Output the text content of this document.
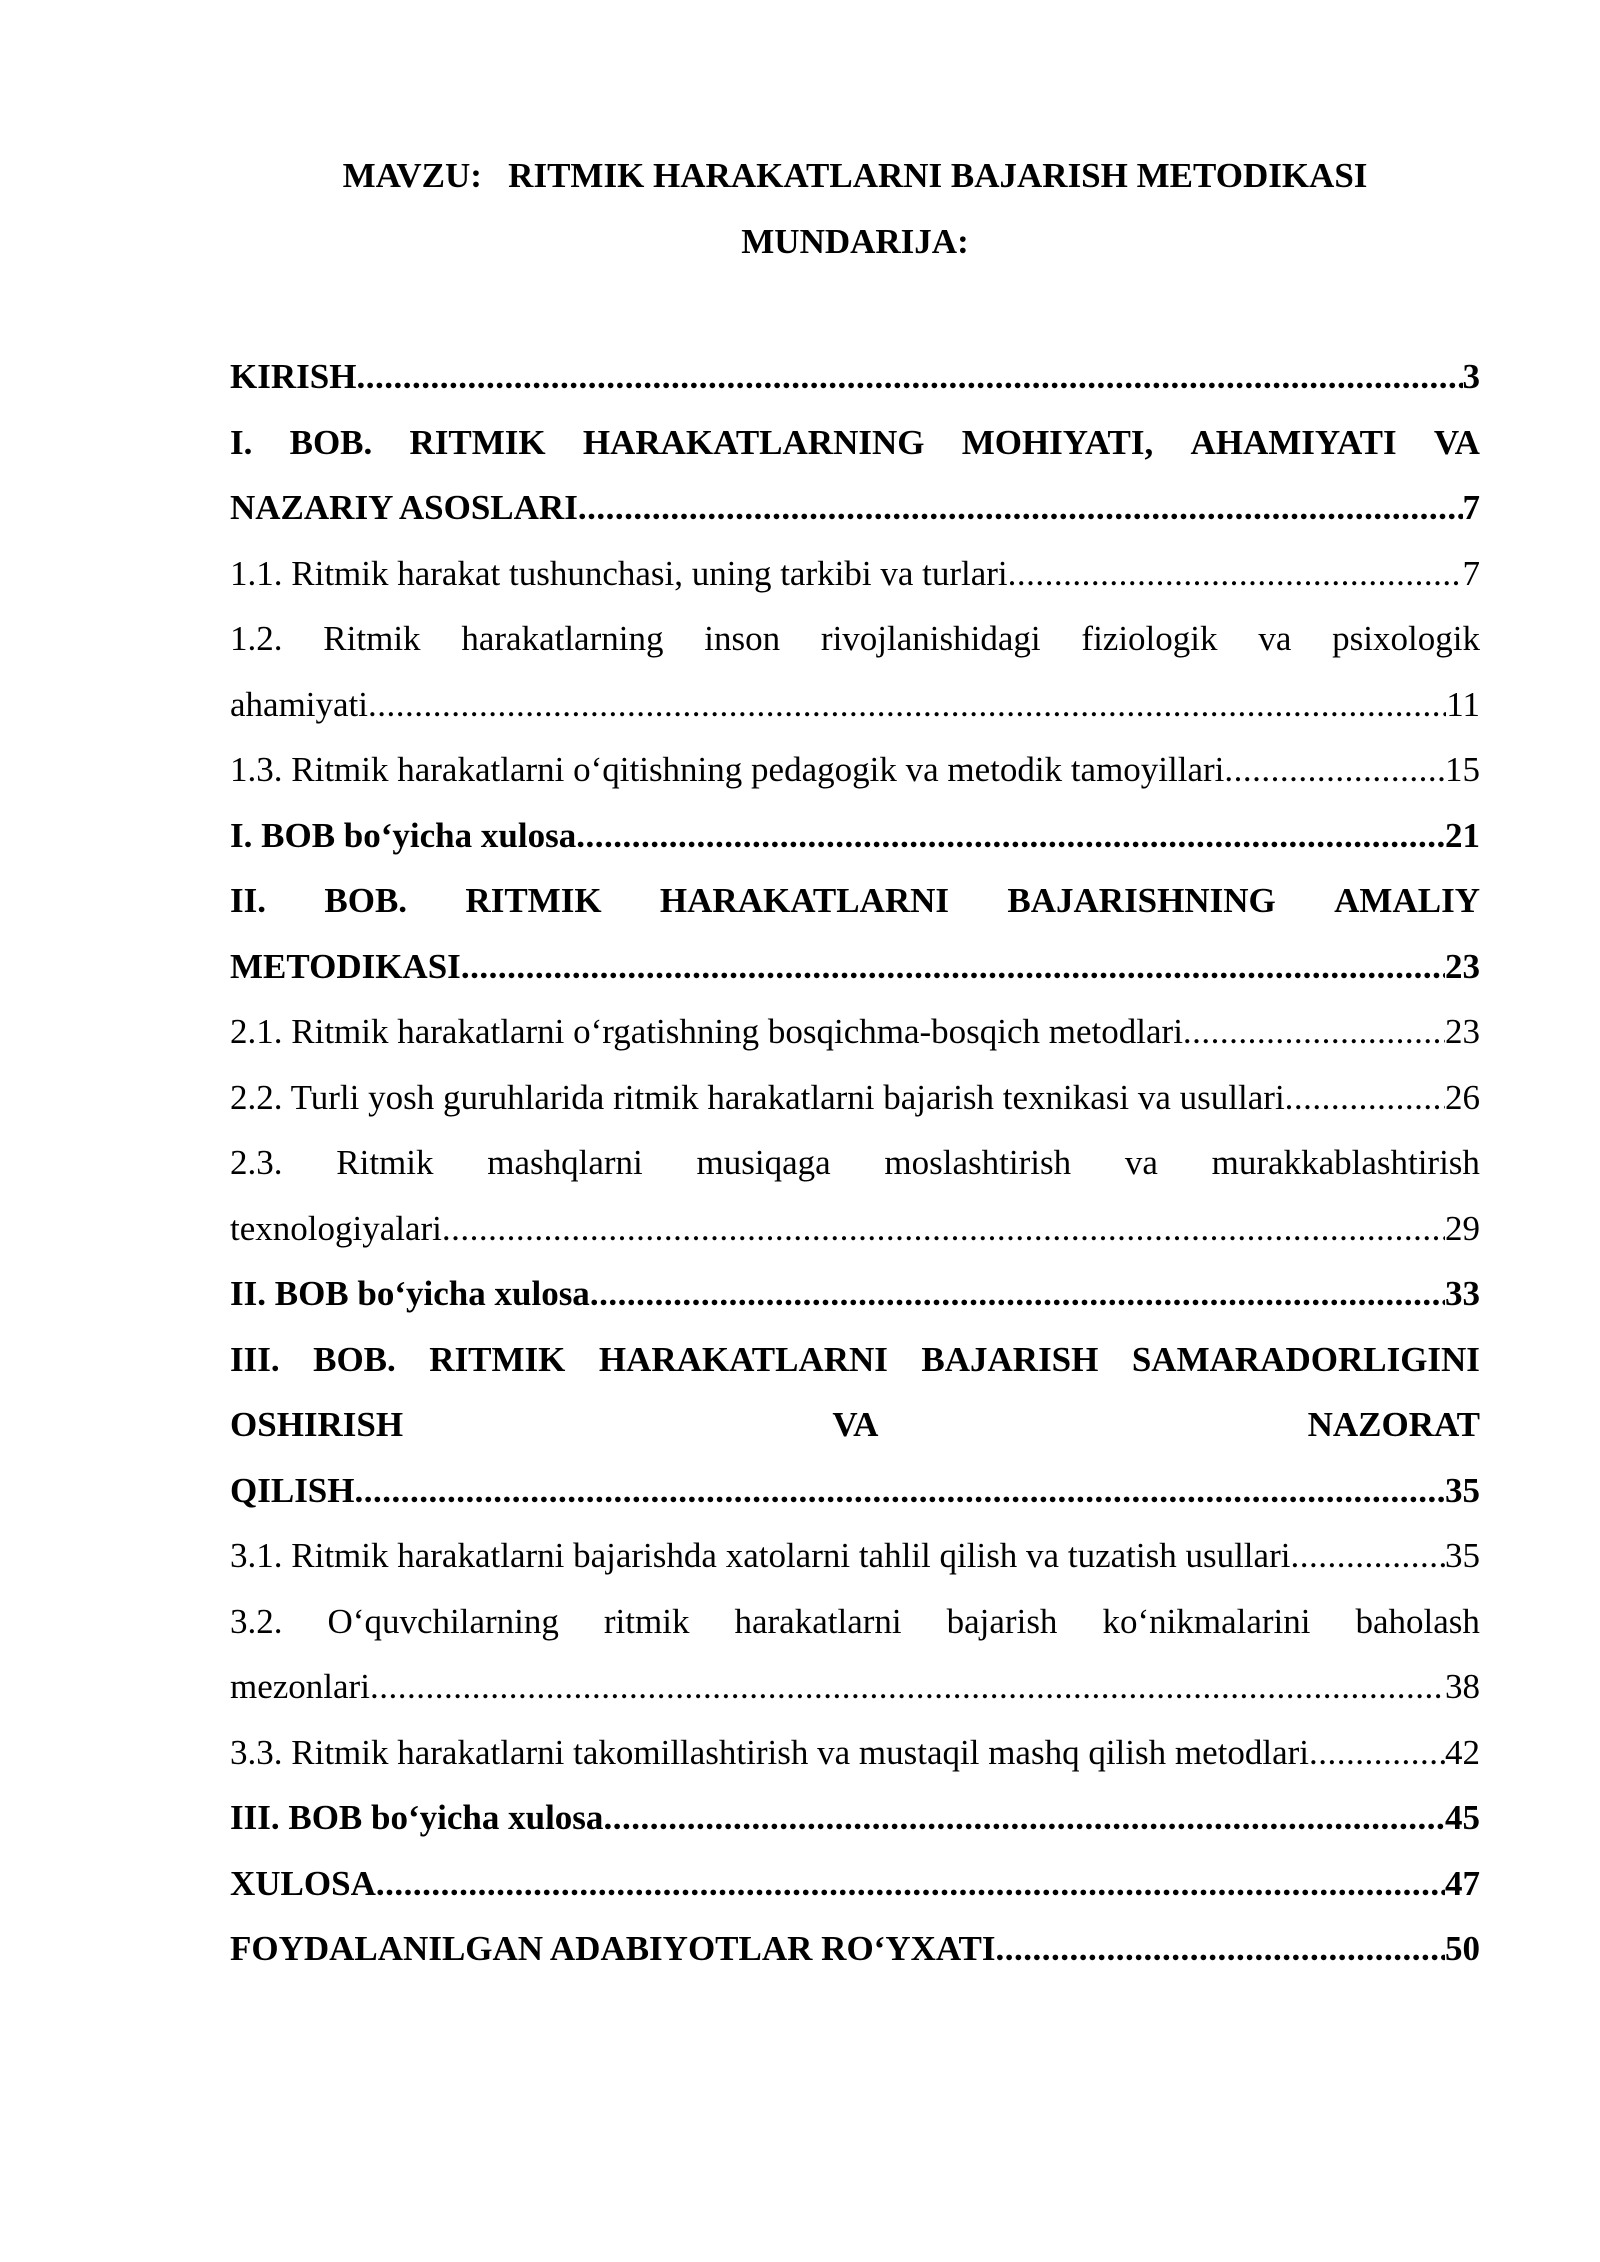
MAVZU:   RITMIK HARAKATLARNI BAJARISH METODIKASI
MUNDARIJA:
KIRISH .....	3
I. BOB. RITMIK HARAKATLARNING MOHIYATI, AHAMIYATI VA
NAZARIY ASOSLARI .....	7
1.1. Ritmik harakat tushunchasi, uning tarkibi va turlari .....	7
1.2. Ritmik harakatlarning inson rivojlanishidagi fiziologik va psixologik
ahamiyati .....	11
1.3. Ritmik harakatlarni o‘qitishning pedagogik va metodik tamoyillari .....	15
I. BOB bo‘yicha xulosa .....	21
II. BOB. RITMIK HARAKATLARNI BAJARISHNING AMALIY
METODIKASI .....	23
2.1. Ritmik harakatlarni o‘rgatishning bosqichma-bosqich metodlari .....	23
2.2. Turli yosh guruhlarida ritmik harakatlarni bajarish texnikasi va usullari .....	26
2.3. Ritmik mashqlarni musiqaga moslashtirish va murakkablashtirish
texnologiyalari .....	29
II. BOB bo‘yicha xulosa .....	33
III. BOB. RITMIK HARAKATLARNI BAJARISH SAMARADORLIGINI
OSHIRISH	VA	NAZORAT
QILISH .....	35
3.1. Ritmik harakatlarni bajarishda xatolarni tahlil qilish va tuzatish usullari .....	35
3.2. O‘quvchilarning ritmik harakatlarni bajarish ko‘nikmalarini baholash
mezonlari .....	38
3.3. Ritmik harakatlarni takomillashtirish va mustaqil mashq qilish metodlari .....	42
III. BOB bo‘yicha xulosa .....	45
XULOSA .....	47
FOYDALANILGAN ADABIYOTLAR RO‘YXATI .....	50
